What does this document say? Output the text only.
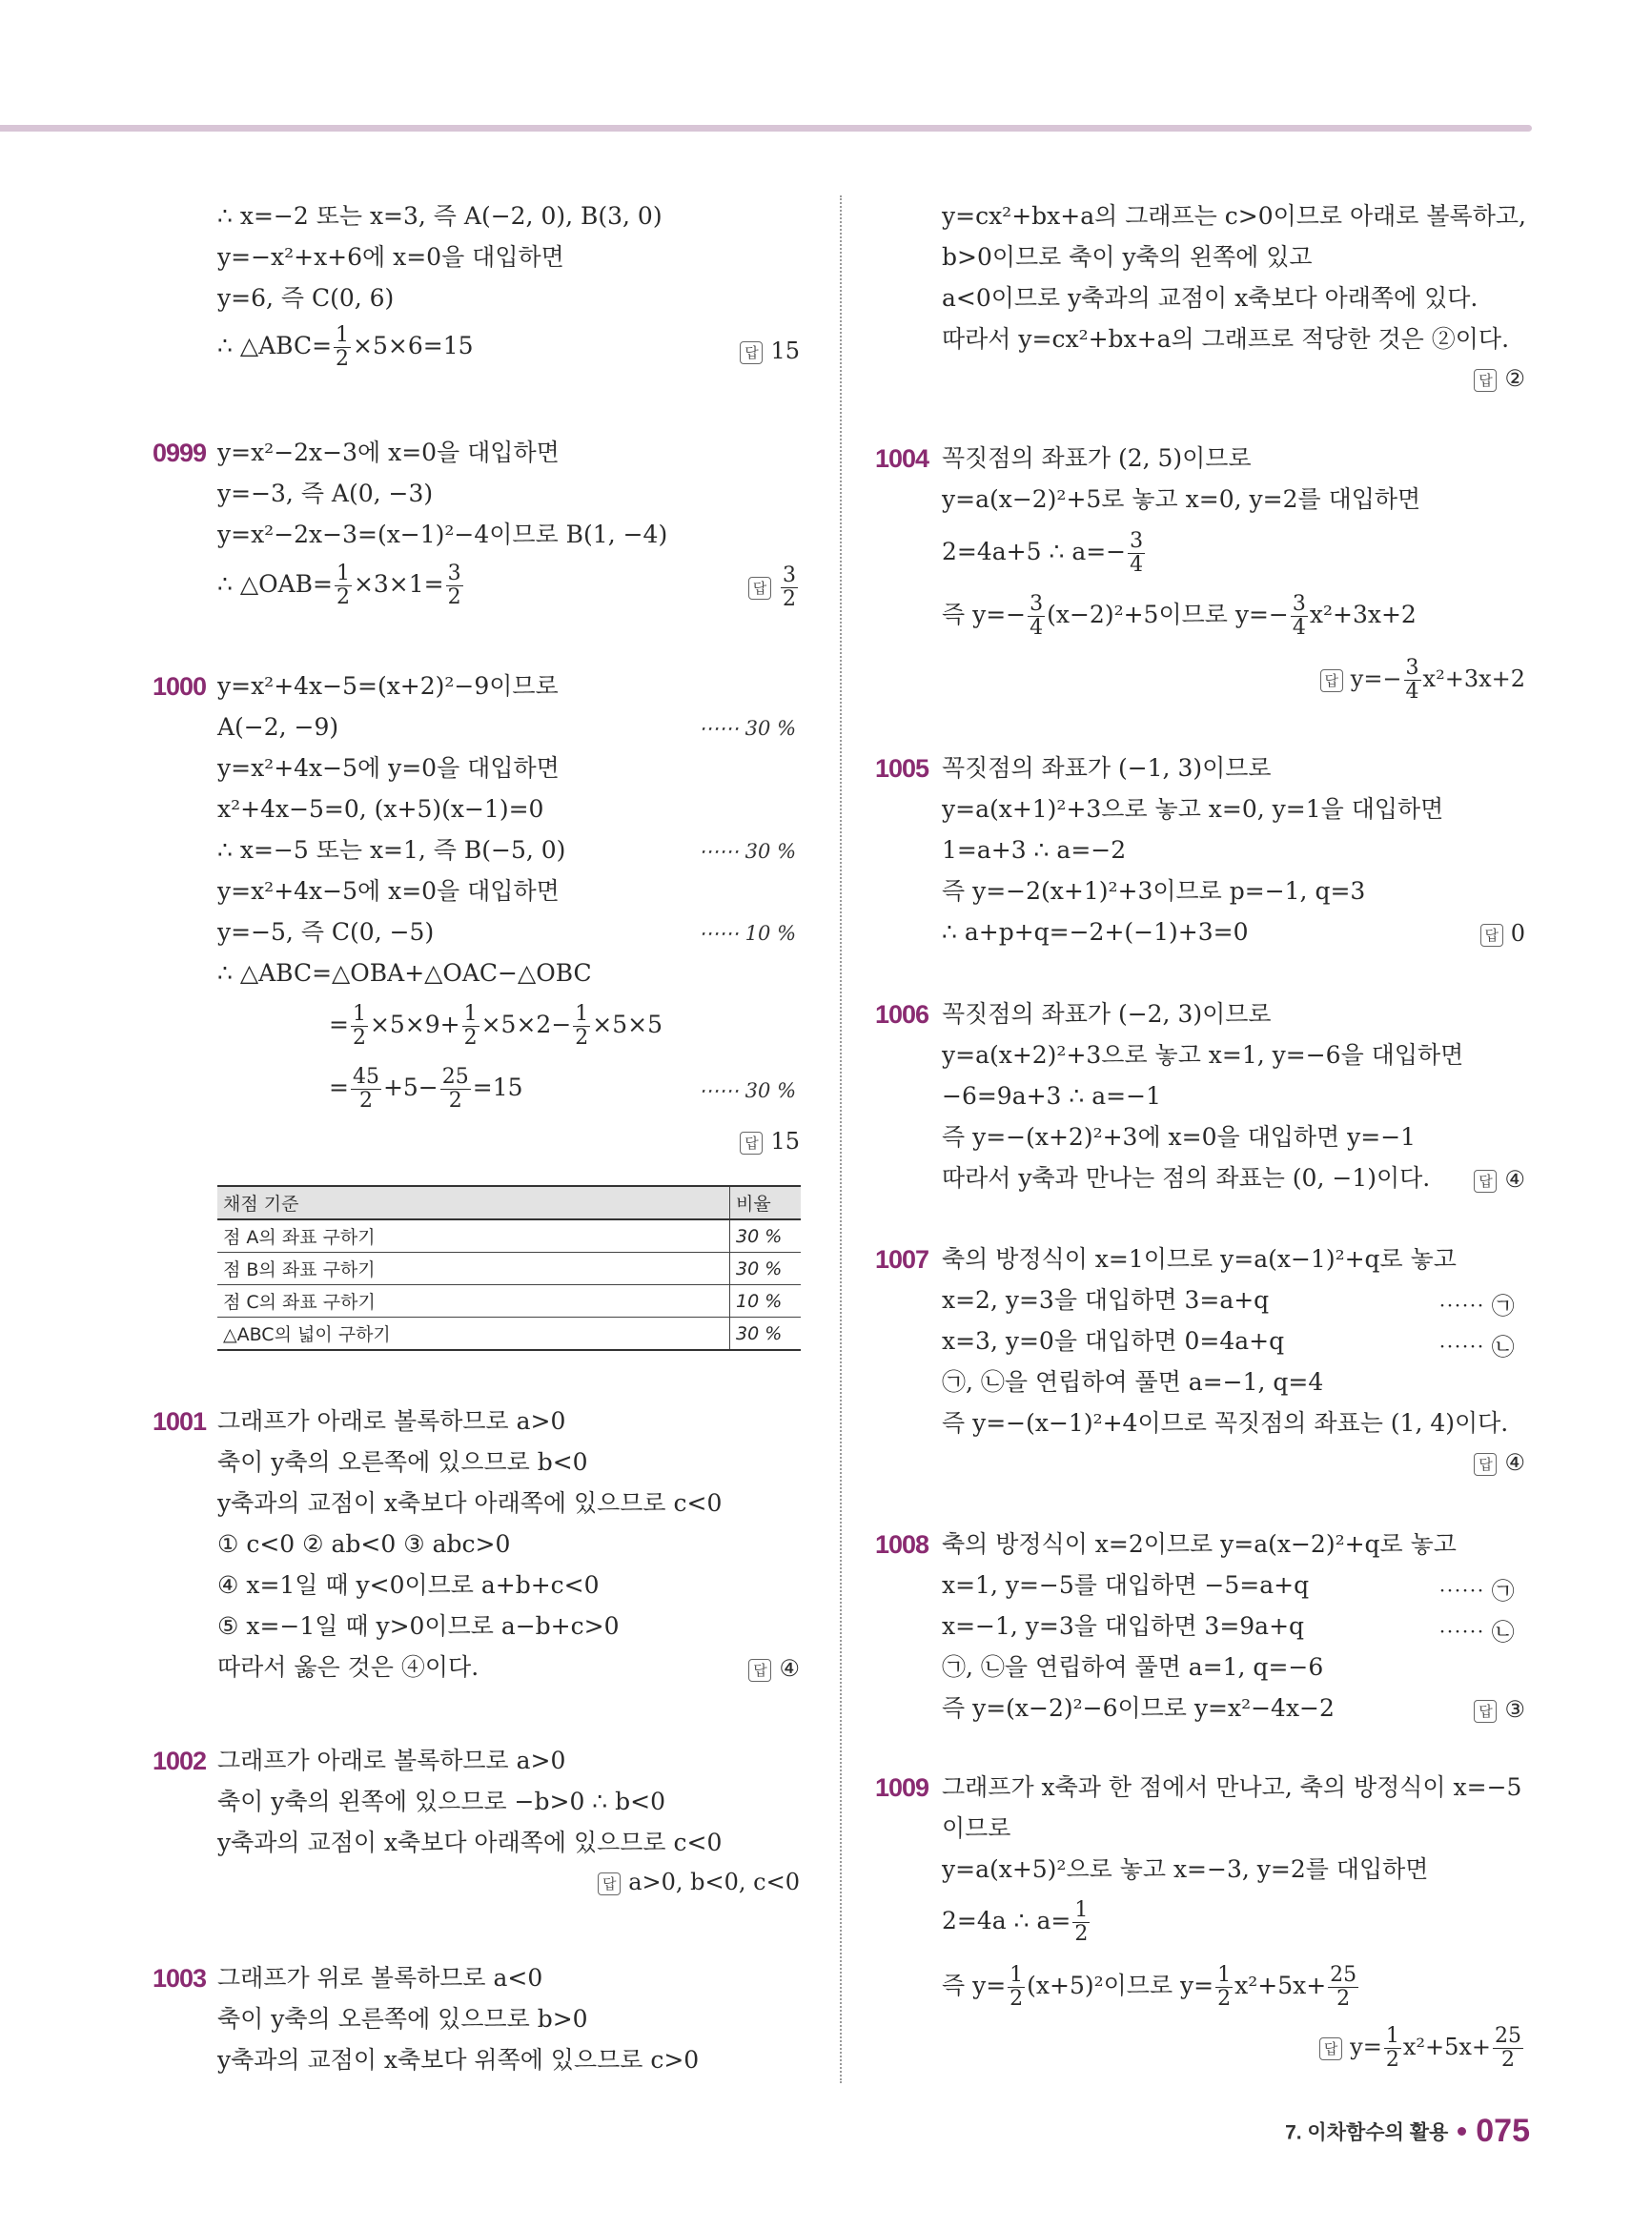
∴ x=−2 또는 x=3, 즉 A(−2, 0), B(3, 0)
y=−x²+x+6에 x=0을 대입하면
y=6, 즉 C(0, 6)
∴ △ABC= $\frac{1}{2} \times 5\times 6=15$	답 15
0999 y=x²−2x−3에 x=0을 대입하면
y=−3, 즉 A(0, −3)
y=x²−2x−3=(x−1)²−4이므로 B(1, −4)
∴ △OAB= $\frac{1}{2} \times 3\times 1= \frac{3}{2}$	답 $\frac{3}{2}$
1000 y=x²+4x−5=(x+2)²−9이므로
A(−2, −9)	⋯⋯ 30 %
y=x²+4x−5에 y=0을 대입하면
x²+4x−5=0, (x+5)(x−1)=0
∴ x=−5 또는 x=1, 즉 B(−5, 0)	⋯⋯ 30 %
y=x²+4x−5에 x=0을 대입하면
y=−5, 즉 C(0, −5)	⋯⋯ 10 %
∴ △ABC=△OBA+△OAC−△OBC
= $\frac{1}{2} \times 5\times 9+ \frac{1}{2} \times 5\times 2- \frac{1}{2} \times 5\times 5$
= $\frac{45}{2} +5- \frac{25}{2} =15$	⋯⋯ 30 %
답 15
채점 기준	비율
점 A의 좌표 구하기	30 %
점 B의 좌표 구하기	30 %
점 C의 좌표 구하기	10 %
△ABC의 넓이 구하기	30 %
1001 그래프가 아래로 볼록하므로 a>0
축이 y축의 오른쪽에 있으므로 b<0
y축과의 교점이 x축보다 아래쪽에 있으므로 c<0
① c<0 ② ab<0 ③ abc>0
④ x=1일 때 y<0이므로 a+b+c<0
⑤ x=−1일 때 y>0이므로 a−b+c>0
따라서 옳은 것은 ④이다.	답 ④
1002 그래프가 아래로 볼록하므로 a>0
축이 y축의 왼쪽에 있으므로 −b>0 ∴ b<0
y축과의 교점이 x축보다 아래쪽에 있으므로 c<0
답 a>0, b<0, c<0
1003 그래프가 위로 볼록하므로 a<0
축이 y축의 오른쪽에 있으므로 b>0
y축과의 교점이 x축보다 위쪽에 있으므로 c>0
y=cx²+bx+a의 그래프는 c>0이므로 아래로 볼록하고,
b>0이므로 축이 y축의 왼쪽에 있고
a<0이므로 y축과의 교점이 x축보다 아래쪽에 있다.
따라서 y=cx²+bx+a의 그래프로 적당한 것은 ②이다.
답 ②
1004 꼭짓점의 좌표가 (2, 5)이므로
y=a(x−2)²+5로 놓고 x=0, y=2를 대입하면
2=4a+5 ∴ $a=- \frac{3}{4}$
즉 $y=- \frac{3}{4} (x-2)^2+5$이므로 $y=- \frac{3}{4} x^2+3x+2$
답 $y=- \frac{3}{4} x^2+3x+2$
1005 꼭짓점의 좌표가 (−1, 3)이므로
y=a(x+1)²+3으로 놓고 x=0, y=1을 대입하면
1=a+3 ∴ a=−2
즉 y=−2(x+1)²+3이므로 p=−1, q=3
∴ a+p+q=−2+(−1)+3=0	답 0
1006 꼭짓점의 좌표가 (−2, 3)이므로
y=a(x+2)²+3으로 놓고 x=1, y=−6을 대입하면
−6=9a+3 ∴ a=−1
즉 y=−(x+2)²+3에 x=0을 대입하면 y=−1
따라서 y축과 만나는 점의 좌표는 (0, −1)이다.	답 ④
1007 축의 방정식이 x=1이므로 y=a(x−1)²+q로 놓고
x=2, y=3을 대입하면 3=a+q	⋯⋯ ㉠
x=3, y=0을 대입하면 0=4a+q	⋯⋯ ㉡
㉠, ㉡을 연립하여 풀면 a=−1, q=4
즉 y=−(x−1)²+4이므로 꼭짓점의 좌표는 (1, 4)이다.
답 ④
1008 축의 방정식이 x=2이므로 y=a(x−2)²+q로 놓고
x=1, y=−5를 대입하면 −5=a+q	⋯⋯ ㉠
x=−1, y=3을 대입하면 3=9a+q	⋯⋯ ㉡
㉠, ㉡을 연립하여 풀면 a=1, q=−6
즉 y=(x−2)²−6이므로 y=x²−4x−2	답 ③
1009 그래프가 x축과 한 점에서 만나고, 축의 방정식이 x=−5
이므로
y=a(x+5)²으로 놓고 x=−3, y=2를 대입하면
2=4a ∴ $a= \frac{1}{2}$
즉 $y= \frac{1}{2} (x+5)^2$이므로 $y= \frac{1}{2} x^2+5x+ \frac{25}{2}$
답 $y= \frac{1}{2} x^2+5x+ \frac{25}{2}$
7. 이차함수의 활용 075
